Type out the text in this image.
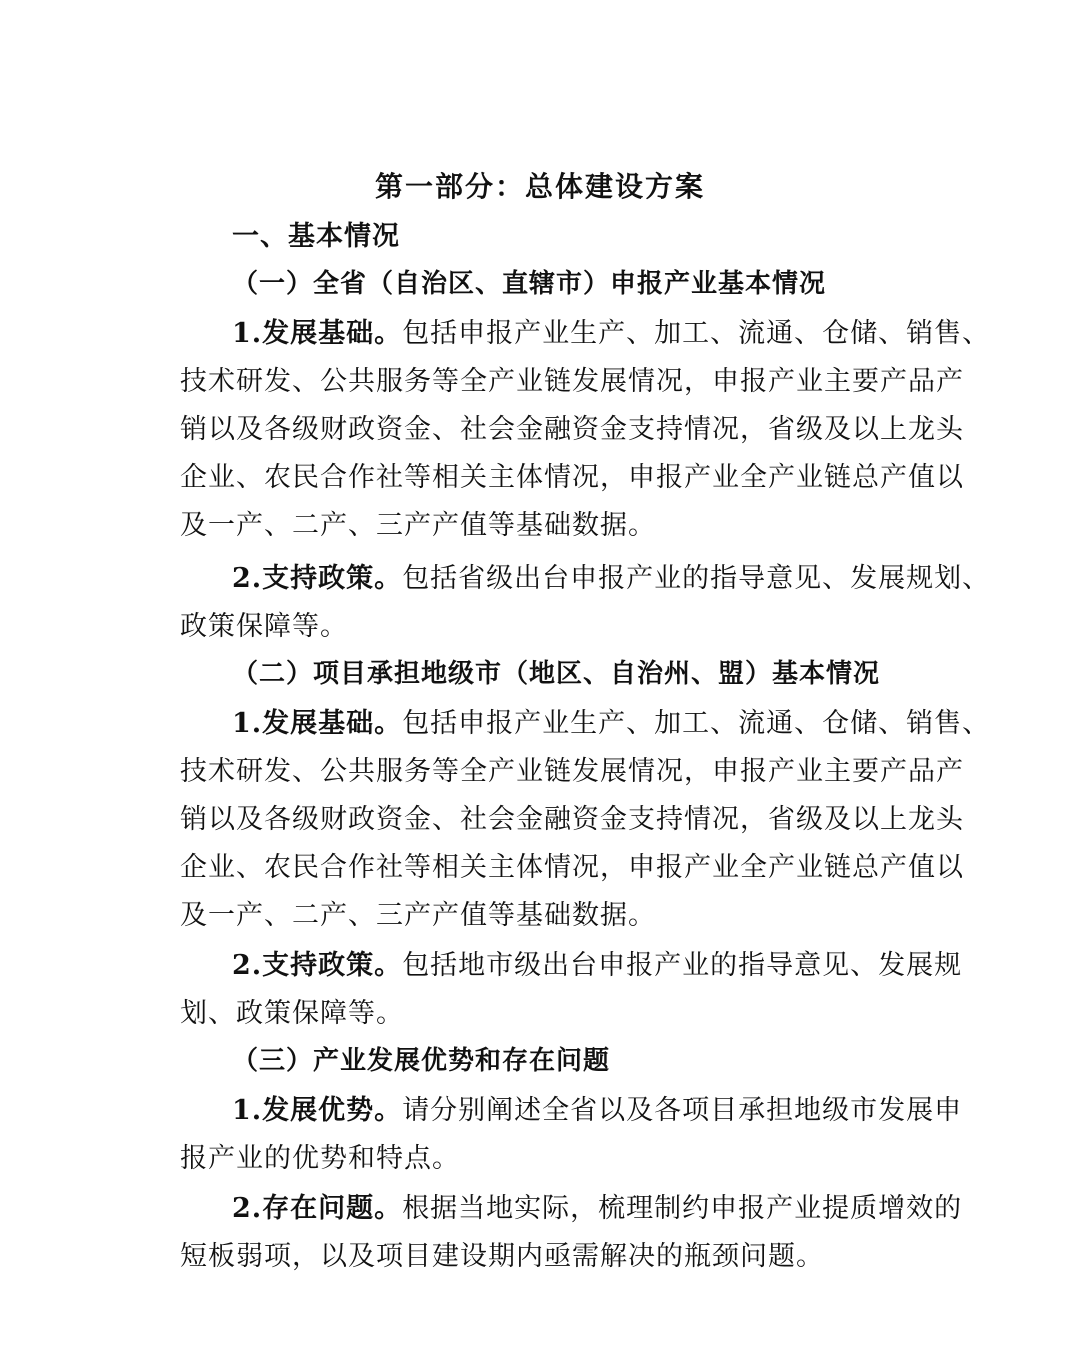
第一部分：总体建设方案
一、基本情况
（一）全省（自治区、直辖市）申报产业基本情况
1.发展基础。包括申报产业生产、加工、流通、仓储、销售、
技术研发、公共服务等全产业链发展情况，申报产业主要产品产
销以及各级财政资金、社会金融资金支持情况，省级及以上龙头
企业、农民合作社等相关主体情况，申报产业全产业链总产值以
及一产、二产、三产产值等基础数据。
2.支持政策。包括省级出台申报产业的指导意见、发展规划、
政策保障等。
（二）项目承担地级市（地区、自治州、盟）基本情况
1.发展基础。包括申报产业生产、加工、流通、仓储、销售、
技术研发、公共服务等全产业链发展情况，申报产业主要产品产
销以及各级财政资金、社会金融资金支持情况，省级及以上龙头
企业、农民合作社等相关主体情况，申报产业全产业链总产值以
及一产、二产、三产产值等基础数据。
2.支持政策。包括地市级出台申报产业的指导意见、发展规
划、政策保障等。
（三）产业发展优势和存在问题
1.发展优势。请分别阐述全省以及各项目承担地级市发展申
报产业的优势和特点。
2.存在问题。根据当地实际，梳理制约申报产业提质增效的
短板弱项，以及项目建设期内亟需解决的瓶颈问题。
